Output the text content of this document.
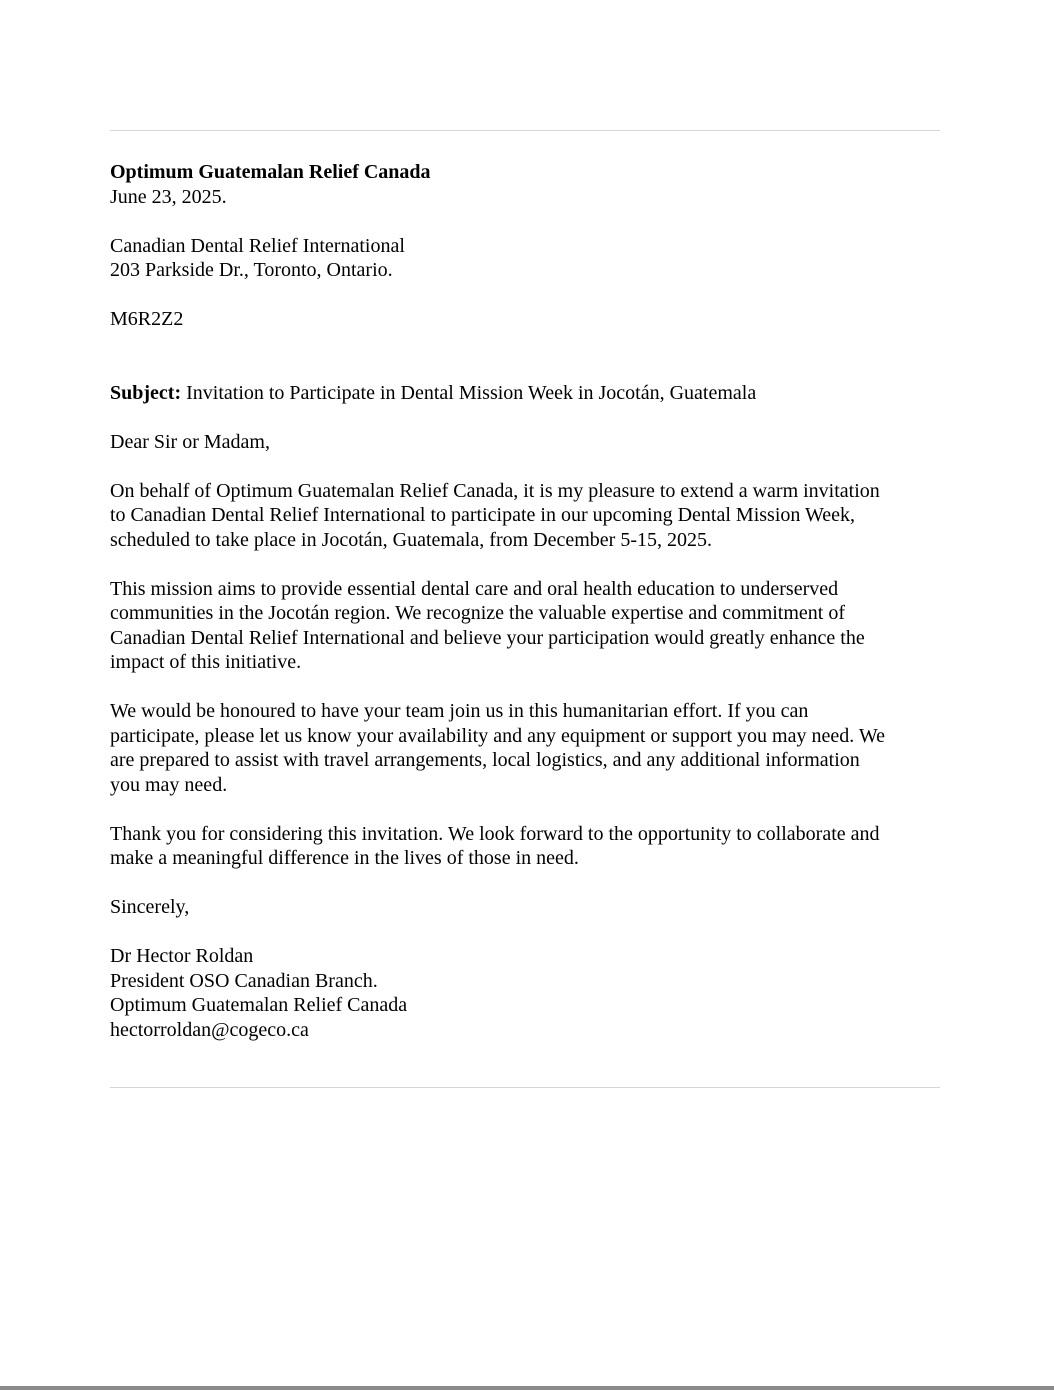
Optimum Guatemalan Relief Canada
June 23, 2025.
Canadian Dental Relief International
203 Parkside Dr., Toronto, Ontario.
M6R2Z2
Subject: Invitation to Participate in Dental Mission Week in Jocotán, Guatemala
Dear Sir or Madam,
On behalf of Optimum Guatemalan Relief Canada, it is my pleasure to extend a warm invitation
to Canadian Dental Relief International to participate in our upcoming Dental Mission Week,
scheduled to take place in Jocotán, Guatemala, from December 5-15, 2025.
This mission aims to provide essential dental care and oral health education to underserved
communities in the Jocotán region. We recognize the valuable expertise and commitment of
Canadian Dental Relief International and believe your participation would greatly enhance the
impact of this initiative.
We would be honoured to have your team join us in this humanitarian effort. If you can
participate, please let us know your availability and any equipment or support you may need. We
are prepared to assist with travel arrangements, local logistics, and any additional information
you may need.
Thank you for considering this invitation. We look forward to the opportunity to collaborate and
make a meaningful difference in the lives of those in need.
Sincerely,
Dr Hector Roldan
President OSO Canadian Branch.
Optimum Guatemalan Relief Canada
hectorroldan@cogeco.ca
